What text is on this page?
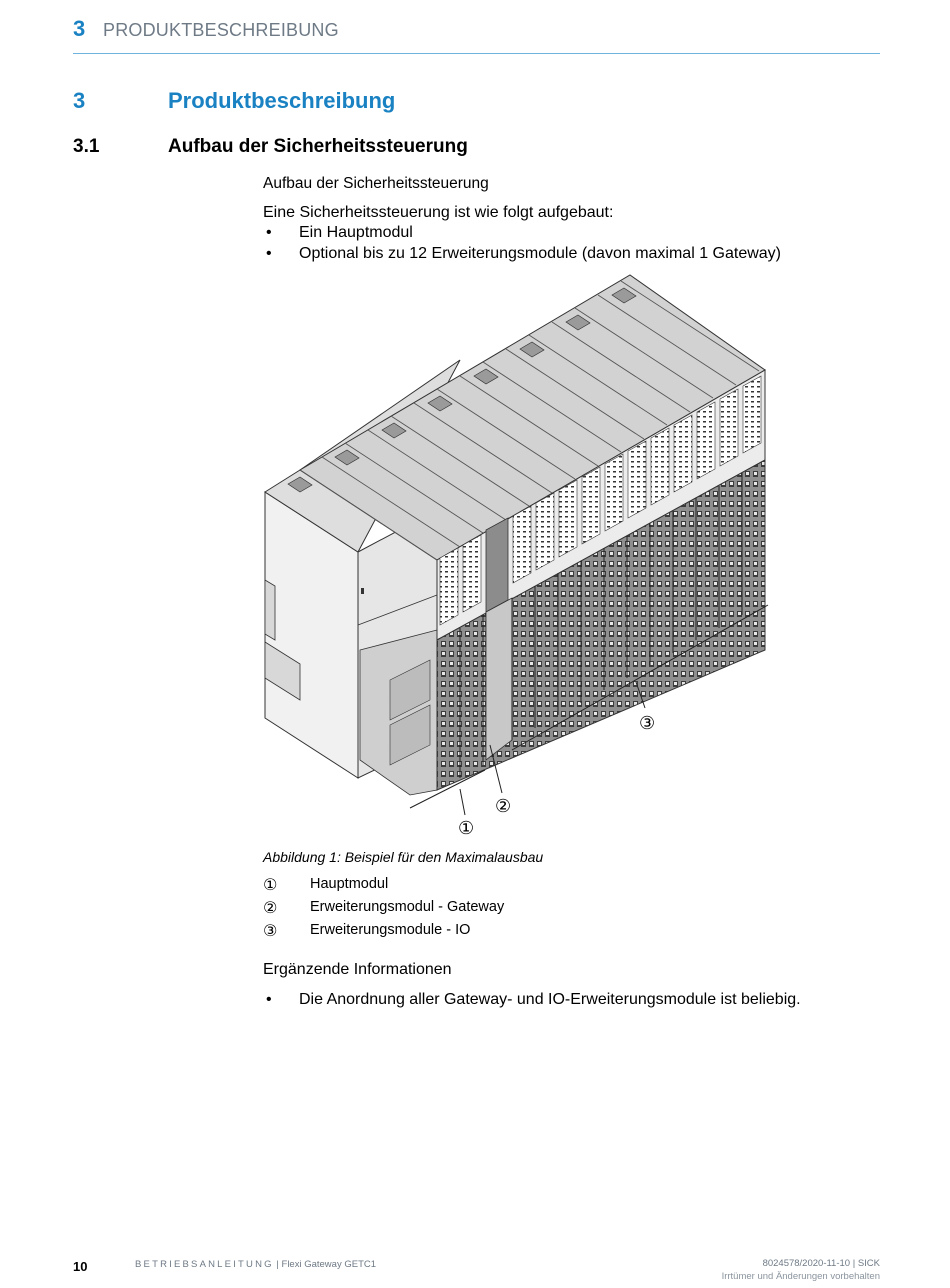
3 PRODUKTBESCHREIBUNG
3	Produktbeschreibung
3.1	Aufbau der Sicherheitssteuerung
Aufbau der Sicherheitssteuerung
Eine Sicherheitssteuerung ist wie folgt aufgebaut:
• Ein Hauptmodul
• Optional bis zu 12 Erweiterungsmodule (davon maximal 1 Gateway)
①
②
③
Abbildung 1: Beispiel für den Maximalausbau
① Hauptmodul
② Erweiterungsmodul - Gateway
③ Erweiterungsmodule - IO
Ergänzende Informationen
• Die Anordnung aller Gateway- und IO-Erweiterungsmodule ist beliebig.
10	BETRIEBSANLEITUNG | Flexi Gateway GETC1	8024578/2020-11-10 | SICK
Irrtümer und Änderungen vorbehalten
